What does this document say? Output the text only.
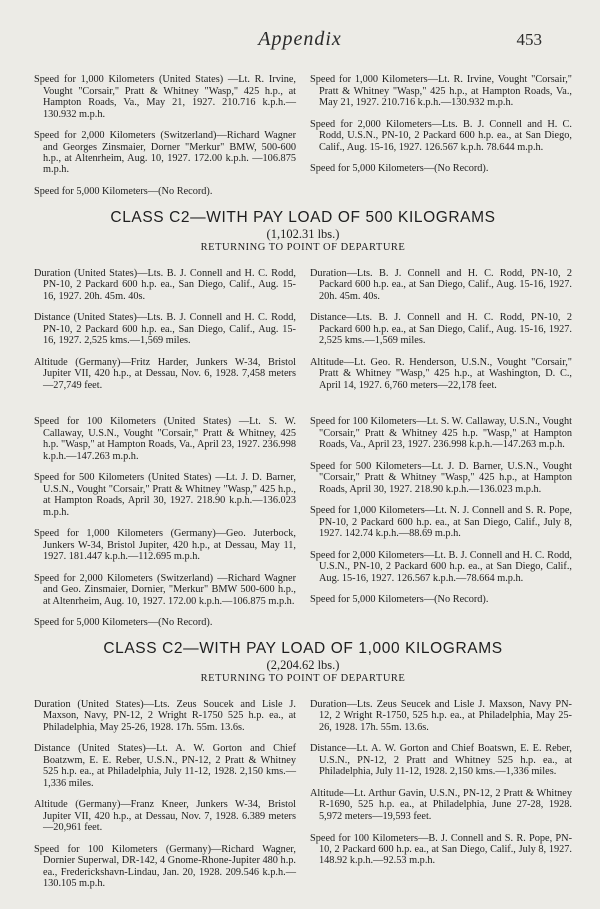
Appendix	453

Speed for 1,000 Kilometers (United States) —Lt. R. Irvine, Vought "Corsair," Pratt & Whitney "Wasp," 425 h.p., at Hampton Roads, Va., May 21, 1927. 210.716 k.p.h.—130.932 m.p.h.

Speed for 2,000 Kilometers (Switzerland)—Richard Wagner and Georges Zinsmaier, Dorner "Merkur" BMW, 500-600 h.p., at Altenrheim, Aug. 10, 1927. 172.00 k.p.h. —106.875 m.p.h.

Speed for 5,000 Kilometers—(No Record).

Speed for 1,000 Kilometers—Lt. R. Irvine, Vought "Corsair," Pratt & Whitney "Wasp," 425 h.p., at Hampton Roads, Va., May 21, 1927. 210.716 k.p.h.—130.932 m.p.h.

Speed for 2,000 Kilometers—Lts. B. J. Connell and H. C. Rodd, U.S.N., PN-10, 2 Packard 600 h.p. ea., at San Diego, Calif., Aug. 15-16, 1927. 126.567 k.p.h. 78.644 m.p.h.

Speed for 5,000 Kilometers—(No Record).

CLASS C2—WITH PAY LOAD OF 500 KILOGRAMS
(1,102.31 lbs.)
RETURNING TO POINT OF DEPARTURE

Duration (United States)—Lts. B. J. Connell and H. C. Rodd, PN-10, 2 Packard 600 h.p. ea., San Diego, Calif., Aug. 15-16, 1927. 20h. 45m. 40s.

Distance (United States)—Lts. B. J. Connell and H. C. Rodd, PN-10, 2 Packard 600 h.p. ea., San Diego, Calif., Aug. 15-16, 1927. 2,525 kms.—1,569 miles.

Altitude (Germany)—Fritz Harder, Junkers W-34, Bristol Jupiter VII, 420 h.p., at Dessau, Nov. 6, 1928. 7,458 meters—27,749 feet.

Duration—Lts. B. J. Connell and H. C. Rodd, PN-10, 2 Packard 600 h.p. ea., at San Diego, Calif., Aug. 15-16, 1927. 20h. 45m. 40s.

Distance—Lts. B. J. Connell and H. C. Rodd, PN-10, 2 Packard 600 h.p. ea., at San Diego, Calif., Aug. 15-16, 1927. 2,525 kms.—1,569 miles.

Altitude—Lt. Geo. R. Henderson, U.S.N., Vought "Corsair," Pratt & Whitney "Wasp," 425 h.p., at Washington, D. C., April 14, 1927. 6,760 meters—22,178 feet.

Speed for 100 Kilometers (United States) —Lt. S. W. Callaway, U.S.N., Vought "Corsair," Pratt & Whitney, 425 h.p. "Wasp," at Hampton Roads, Va., April 23, 1927. 236.998 k.p.h.—147.263 m.p.h.

Speed for 500 Kilometers (United States) —Lt. J. D. Barner, U.S.N., Vought "Corsair," Pratt & Whitney "Wasp," 425 h.p., at Hampton Roads, April 30, 1927. 218.90 k.p.h.—136.023 m.p.h.

Speed for 1,000 Kilometers (Germany)—Geo. Juterbock, Junkers W-34, Bristol Jupiter, 420 h.p., at Dessau, May 11, 1927. 181.447 k.p.h.—112.695 m.p.h.

Speed for 2,000 Kilometers (Switzerland) —Richard Wagner and Geo. Zinsmaier, Dornier, "Merkur" BMW 500-600 h.p., at Altenrheim, Aug. 10, 1927. 172.00 k.p.h.—106.875 m.p.h.

Speed for 5,000 Kilometers—(No Record).

Speed for 100 Kilometers—Lt. S. W. Callaway, U.S.N., Vought "Corsair," Pratt & Whitney 425 h.p. "Wasp," at Hampton Roads, Va., April 23, 1927. 236.998 k.p.h.—147.263 m.p.h.

Speed for 500 Kilometers—Lt. J. D. Barner, U.S.N., Vought "Corsair," Pratt & Whitney "Wasp," 425 h.p., at Hampton Roads, April 30, 1927. 218.90 k.p.h.—136.023 m.p.h.

Speed for 1,000 Kilometers—Lt. N. J. Connell and S. R. Pope, PN-10, 2 Packard 600 h.p. ea., at San Diego, Calif., July 8, 1927. 142.74 k.p.h.—88.69 m.p.h.

Speed for 2,000 Kilometers—Lt. B. J. Connell and H. C. Rodd, U.S.N., PN-10, 2 Packard 600 h.p. ea., at San Diego, Calif., Aug. 15-16, 1927. 126.567 k.p.h.—78.664 m.p.h.

Speed for 5,000 Kilometers—(No Record).

CLASS C2—WITH PAY LOAD OF 1,000 KILOGRAMS
(2,204.62 lbs.)
RETURNING TO POINT OF DEPARTURE

Duration (United States)—Lts. Zeus Soucek and Lisle J. Maxson, Navy, PN-12, 2 Wright R-1750 525 h.p. ea., at Philadelphia, May 25-26, 1928. 17h. 55m. 13.6s.

Distance (United States)—Lt. A. W. Gorton and Chief Boatzwm, E. E. Reber, U.S.N., PN-12, 2 Pratt & Whitney 525 h.p. ea., at Philadelphia, July 11-12, 1928. 2,150 kms.—1,336 miles.

Altitude (Germany)—Franz Kneer, Junkers W-34, Bristol Jupiter VII, 420 h.p., at Dessau, Nov. 7, 1928. 6.389 meters—20,961 feet.

Speed for 100 Kilometers (Germany)—Richard Wagner, Dornier Superwal, DR-142, 4 Gnome-Rhone-Jupiter 480 h.p. ea., Frederickshavn-Lindau, Jan. 20, 1928. 209.546 k.p.h.—130.105 m.p.h.

Duration—Lts. Zeus Seucek and Lisle J. Maxson, Navy PN-12, 2 Wright R-1750, 525 h.p. ea., at Philadelphia, May 25-26, 1928. 17h. 55m. 13.6s.

Distance—Lt. A. W. Gorton and Chief Boatswn, E. E. Reber, U.S.N., PN-12, 2 Pratt and Whitney 525 h.p. ea., at Philadelphia, July 11-12, 1928. 2,150 kms.—1,336 miles.

Altitude—Lt. Arthur Gavin, U.S.N., PN-12, 2 Pratt & Whitney R-1690, 525 h.p. ea., at Philadelphia, June 27-28, 1928. 5,972 meters—19,593 feet.

Speed for 100 Kilometers—B. J. Connell and S. R. Pope, PN-10, 2 Packard 600 h.p. ea., at San Diego, Calif., July 8, 1927. 148.92 k.p.h.—92.53 m.p.h.
